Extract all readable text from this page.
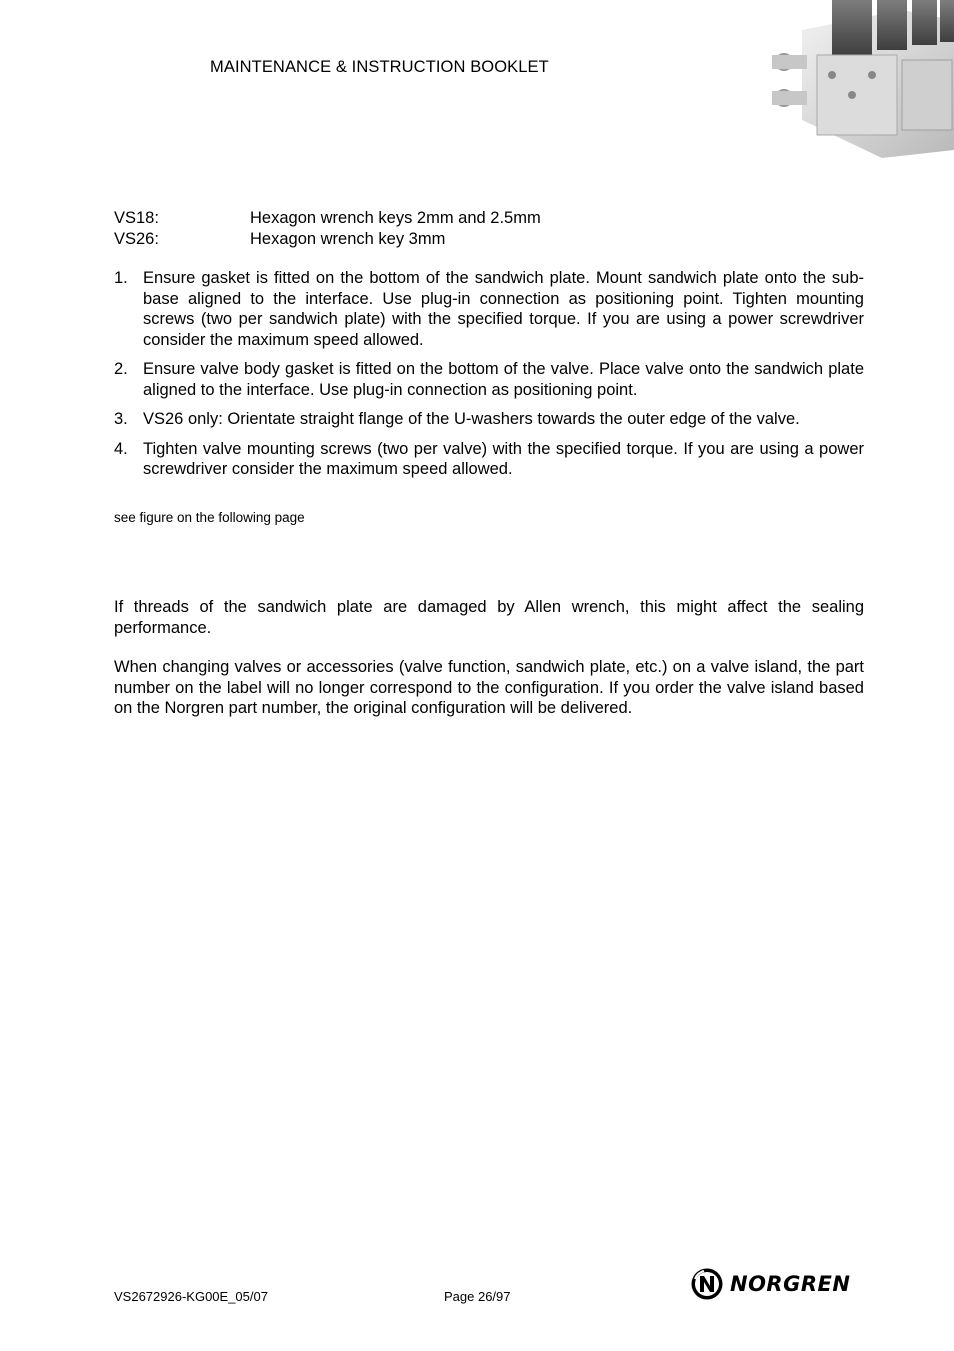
MAINTENANCE & INSTRUCTION BOOKLET
VS18:	Hexagon wrench keys 2mm and 2.5mm
VS26:	Hexagon wrench key 3mm
1. Ensure gasket is fitted on the bottom of the sandwich plate. Mount sandwich plate onto the sub-base aligned to the interface. Use plug-in connection as positioning point. Tighten mounting screws (two per sandwich plate) with the specified torque. If you are using a power screwdriver consider the maximum speed allowed.
2. Ensure valve body gasket is fitted on the bottom of the valve. Place valve onto the sandwich plate aligned to the interface. Use plug-in connection as positioning point.
3. VS26 only: Orientate straight flange of the U-washers towards the outer edge of the valve.
4. Tighten valve mounting screws (two per valve) with the specified torque. If you are using a power screwdriver consider the maximum speed allowed.
see figure on the following page

If threads of the sandwich plate are damaged by Allen wrench, this might affect the sealing performance.

When changing valves or accessories (valve function, sandwich plate, etc.) on a valve island, the part number on the label will no longer correspond to the configuration. If you order the valve island based on the Norgren part number, the original configuration will be delivered.

VS2672926-KG00E_05/07	Page 26/97
NORGREN
